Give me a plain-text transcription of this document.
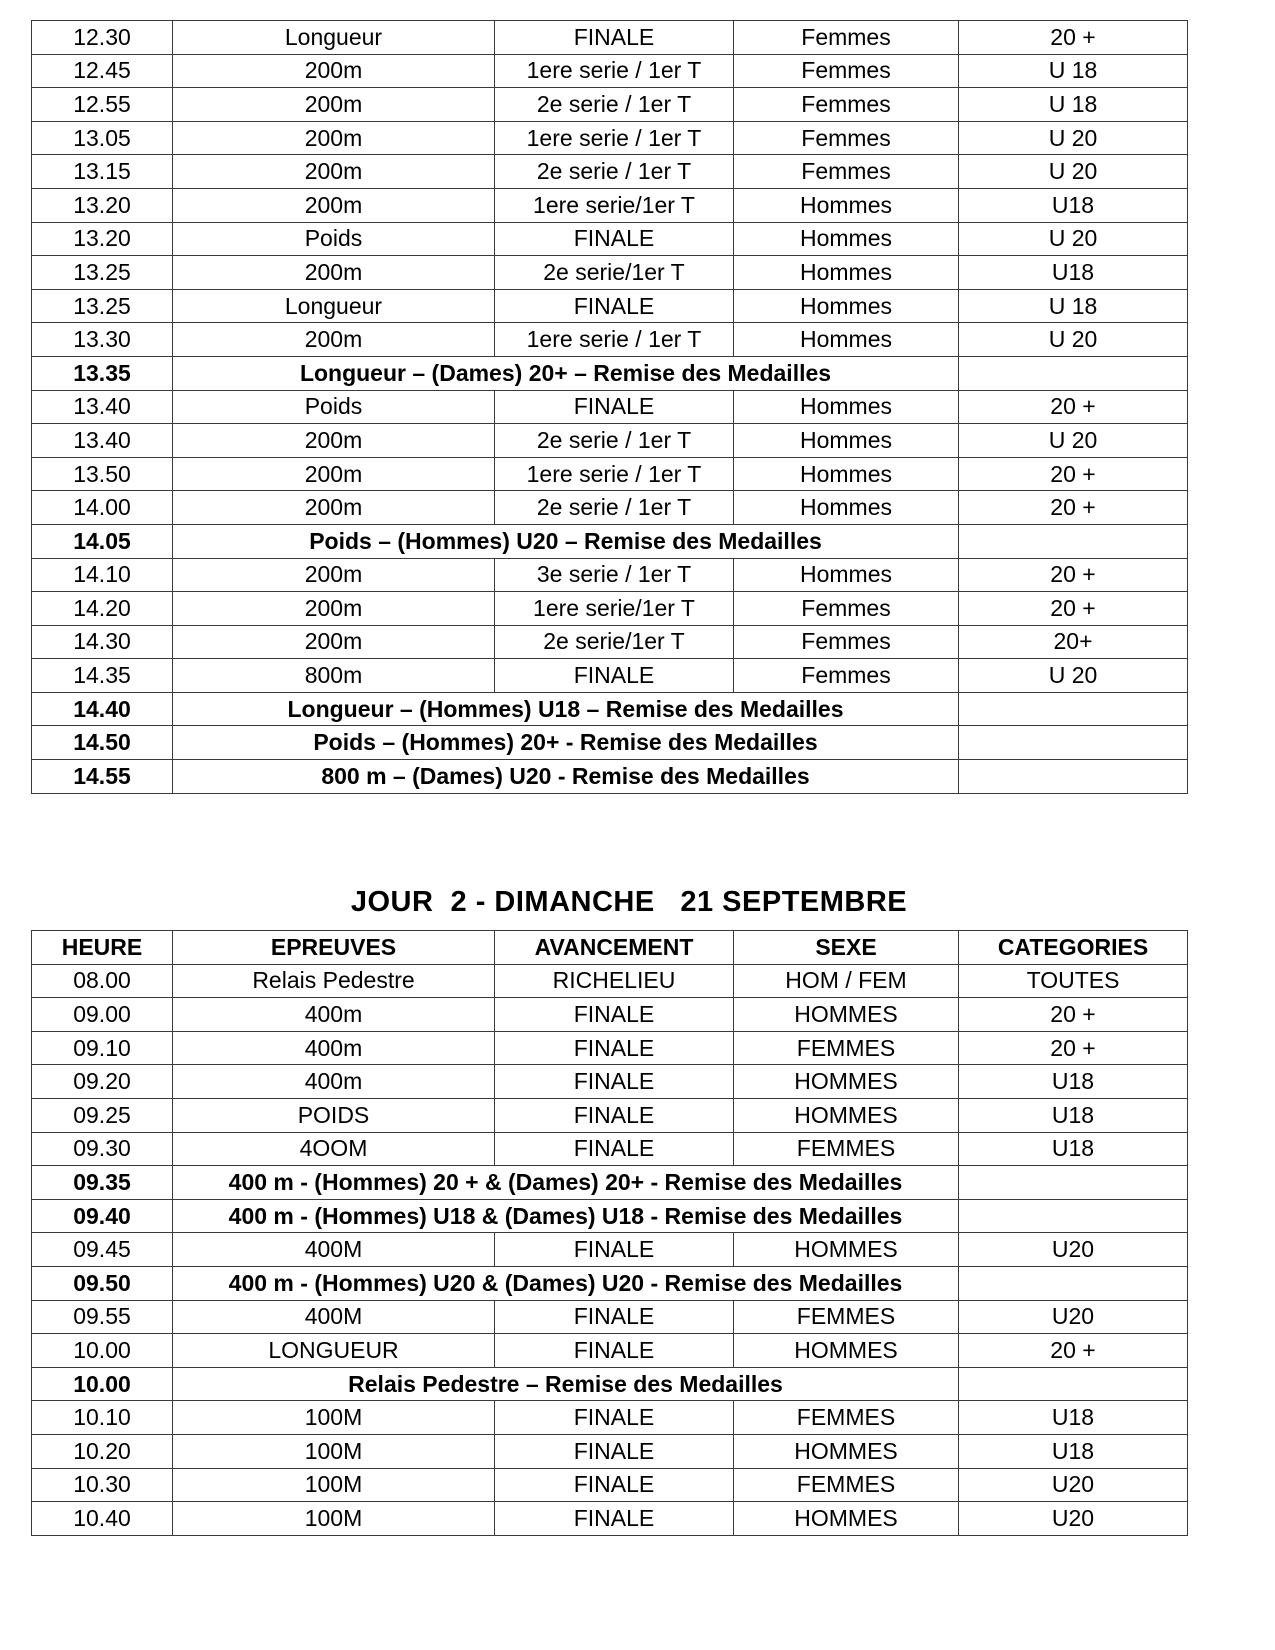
12.30	Longueur	FINALE	Femmes	20 +
12.45	200m	1ere serie / 1er T	Femmes	U 18
12.55	200m	2e serie / 1er T	Femmes	U 18
13.05	200m	1ere serie / 1er T	Femmes	U 20
13.15	200m	2e serie / 1er T	Femmes	U 20
13.20	200m	1ere serie/1er T	Hommes	U18
13.20	Poids	FINALE	Hommes	U 20
13.25	200m	2e serie/1er T	Hommes	U18
13.25	Longueur	FINALE	Hommes	U 18
13.30	200m	1ere serie / 1er T	Hommes	U 20
13.35	Longueur – (Dames) 20+ – Remise des Medailles			
13.40	Poids	FINALE	Hommes	20 +
13.40	200m	2e serie / 1er T	Hommes	U 20
13.50	200m	1ere serie / 1er T	Hommes	20 +
14.00	200m	2e serie / 1er T	Hommes	20 +
14.05	Poids – (Hommes) U20 – Remise des Medailles			
14.10	200m	3e serie / 1er T	Hommes	20 +
14.20	200m	1ere serie/1er T	Femmes	20 +
14.30	200m	2e serie/1er T	Femmes	20+
14.35	800m	FINALE	Femmes	U 20
14.40	Longueur – (Hommes) U18 – Remise des Medailles			
14.50	Poids – (Hommes) 20+ - Remise des Medailles			
14.55	800 m – (Dames) U20 - Remise des Medailles			
JOUR  2 - DIMANCHE   21 SEPTEMBRE
HEURE	EPREUVES	AVANCEMENT	SEXE	CATEGORIES
08.00	Relais Pedestre	RICHELIEU	HOM / FEM	TOUTES
09.00	400m	FINALE	HOMMES	20 +
09.10	400m	FINALE	FEMMES	20 +
09.20	400m	FINALE	HOMMES	U18
09.25	POIDS	FINALE	HOMMES	U18
09.30	4OOM	FINALE	FEMMES	U18
09.35	400 m - (Hommes) 20 + & (Dames) 20+ - Remise des Medailles			
09.40	400 m - (Hommes) U18 & (Dames) U18 - Remise des Medailles			
09.45	400M	FINALE	HOMMES	U20
09.50	400 m - (Hommes) U20 & (Dames) U20 - Remise des Medailles			
09.55	400M	FINALE	FEMMES	U20
10.00	LONGUEUR	FINALE	HOMMES	20 +
10.00	Relais Pedestre – Remise des Medailles			
10.10	100M	FINALE	FEMMES	U18
10.20	100M	FINALE	HOMMES	U18
10.30	100M	FINALE	FEMMES	U20
10.40	100M	FINALE	HOMMES	U20
